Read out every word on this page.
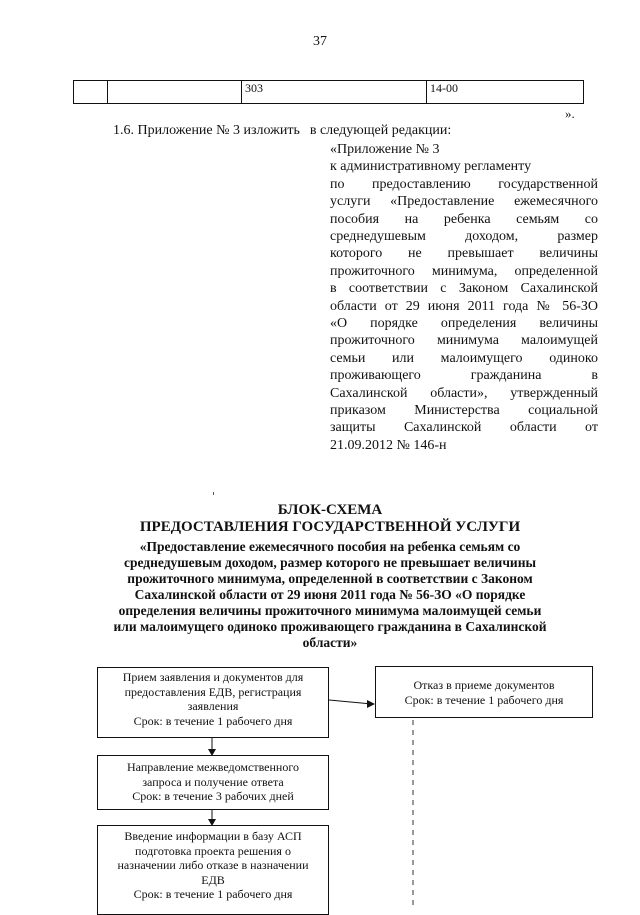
37
		303	14-00
».
1.6. Приложение № 3 изложить в следующей редакции:
«Приложение № 3
к административному регламенту
по предоставлению государственной
услуги «Предоставление ежемесячного
пособия на ребенка семьям со
среднедушевым доходом, размер
которого не превышает величины
прожиточного минимума, определенной
в соответствии с Законом Сахалинской
области от 29 июня 2011 года № 56-ЗО
«О порядке определения величины
прожиточного минимума малоимущей
семьи или малоимущего одиноко
проживающего гражданина в
Сахалинской области», утвержденный
приказом Министерства социальной
защиты Сахалинской области от
21.09.2012 № 146-н
БЛОК-СХЕМА
ПРЕДОСТАВЛЕНИЯ ГОСУДАРСТВЕННОЙ УСЛУГИ
«Предоставление ежемесячного пособия на ребенка семьям со
среднедушевым доходом, размер которого не превышает величины
прожиточного минимума, определенной в соответствии с Законом
Сахалинской области от 29 июня 2011 года № 56-ЗО «О порядке
определения величины прожиточного минимума малоимущей семьи
или малоимущего одиноко проживающего гражданина в Сахалинской
области»
Прием заявления и документов для
предоставления ЕДВ, регистрация
заявления
Срок: в течение 1 рабочего дня
Отказ в приеме документов
Срок: в течение 1 рабочего дня
Направление межведомственного
запроса и получение ответа
Срок: в течение 3 рабочих дней
Введение информации в базу АСП
подготовка проекта решения о
назначении либо отказе в назначении
ЕДВ
Срок: в течение 1 рабочего дня
